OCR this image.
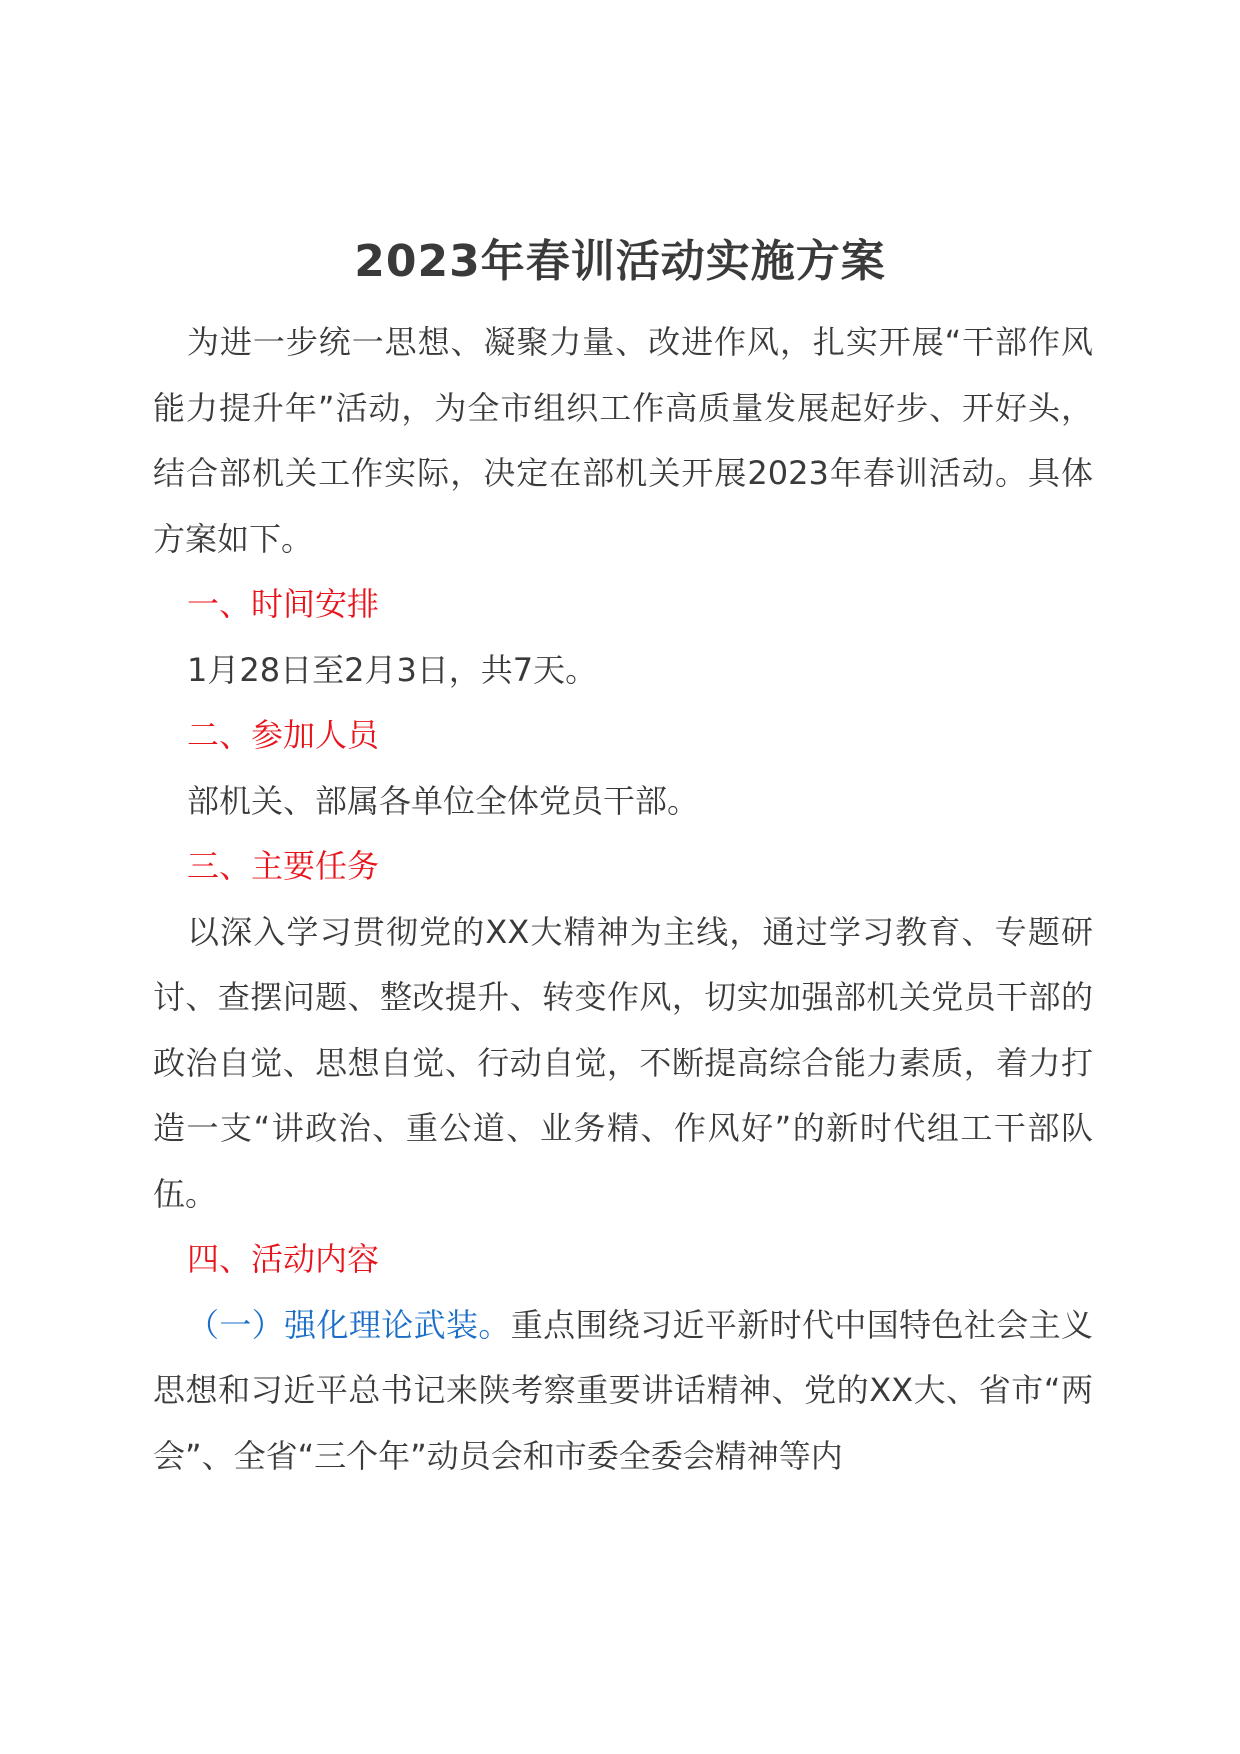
2023年春训活动实施方案

为进一步统一思想、凝聚力量、改进作风，扎实开展“干部作风能力提升年”活动，为全市组织工作高质量发展起好步、开好头，结合部机关工作实际，决定在部机关开展2023年春训活动。具体方案如下。

一、时间安排

1月28日至2月3日，共7天。

二、参加人员

部机关、部属各单位全体党员干部。

三、主要任务

以深入学习贯彻党的XX大精神为主线，通过学习教育、专题研讨、查摆问题、整改提升、转变作风，切实加强部机关党员干部的政治自觉、思想自觉、行动自觉，不断提高综合能力素质，着力打造一支“讲政治、重公道、业务精、作风好”的新时代组工干部队伍。

四、活动内容

（一）强化理论武装。重点围绕习近平新时代中国特色社会主义思想和习近平总书记来陕考察重要讲话精神、党的XX大、省市“两会”、全省“三个年”动员会和市委全委会精神等内
